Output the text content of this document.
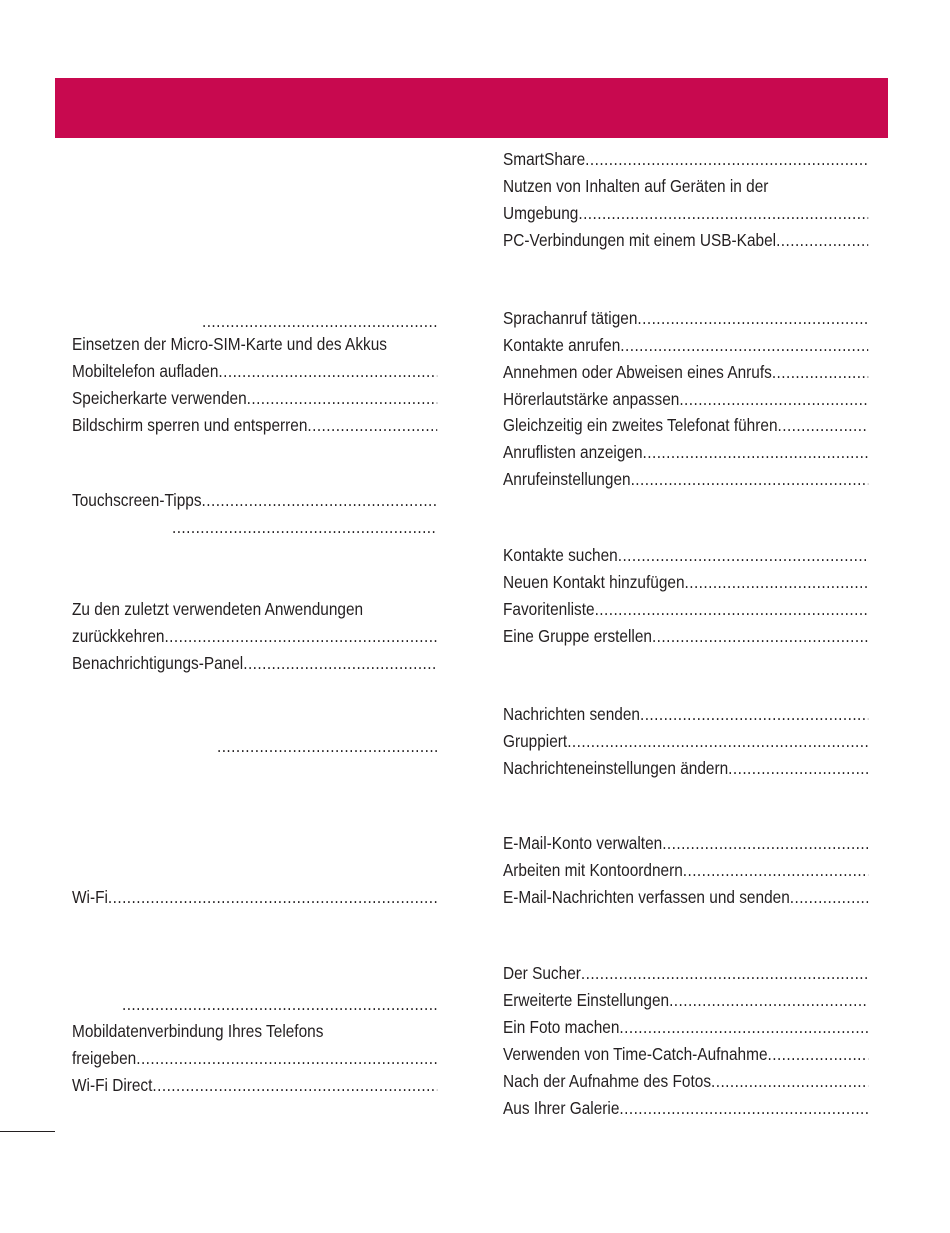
.....
Einsetzen der Micro-SIM-Karte und des Akkus
Mobiltelefon aufladen
.....
Speicherkarte verwenden
.....
Bildschirm sperren und entsperren
.....
Touchscreen-Tipps
.....
.....
Zu den zuletzt verwendeten Anwendungen
zurückkehren
.....
Benachrichtigungs-Panel
.....
.....
Wi-Fi
.....
.....
Mobildatenverbindung Ihres Telefons
freigeben
.....
Wi-Fi Direct
.....
SmartShare
.....
Nutzen von Inhalten auf Geräten in der
Umgebung
.....
PC-Verbindungen mit einem USB-Kabel
.....
Sprachanruf tätigen
.....
Kontakte anrufen
.....
Annehmen oder Abweisen eines Anrufs
.....
Hörerlautstärke anpassen
.....
Gleichzeitig ein zweites Telefonat führen
.....
Anruflisten anzeigen
.....
Anrufeinstellungen
.....
Kontakte suchen
.....
Neuen Kontakt hinzufügen
.....
Favoritenliste
.....
Eine Gruppe erstellen
.....
Nachrichten senden
.....
Gruppiert
.....
Nachrichteneinstellungen ändern
.....
E-Mail-Konto verwalten
.....
Arbeiten mit Kontoordnern
.....
E-Mail-Nachrichten verfassen und senden
.....
Der Sucher
.....
Erweiterte Einstellungen
.....
Ein Foto machen
.....
Verwenden von Time-Catch-Aufnahme
.....
Nach der Aufnahme des Fotos
.....
Aus Ihrer Galerie
.....
